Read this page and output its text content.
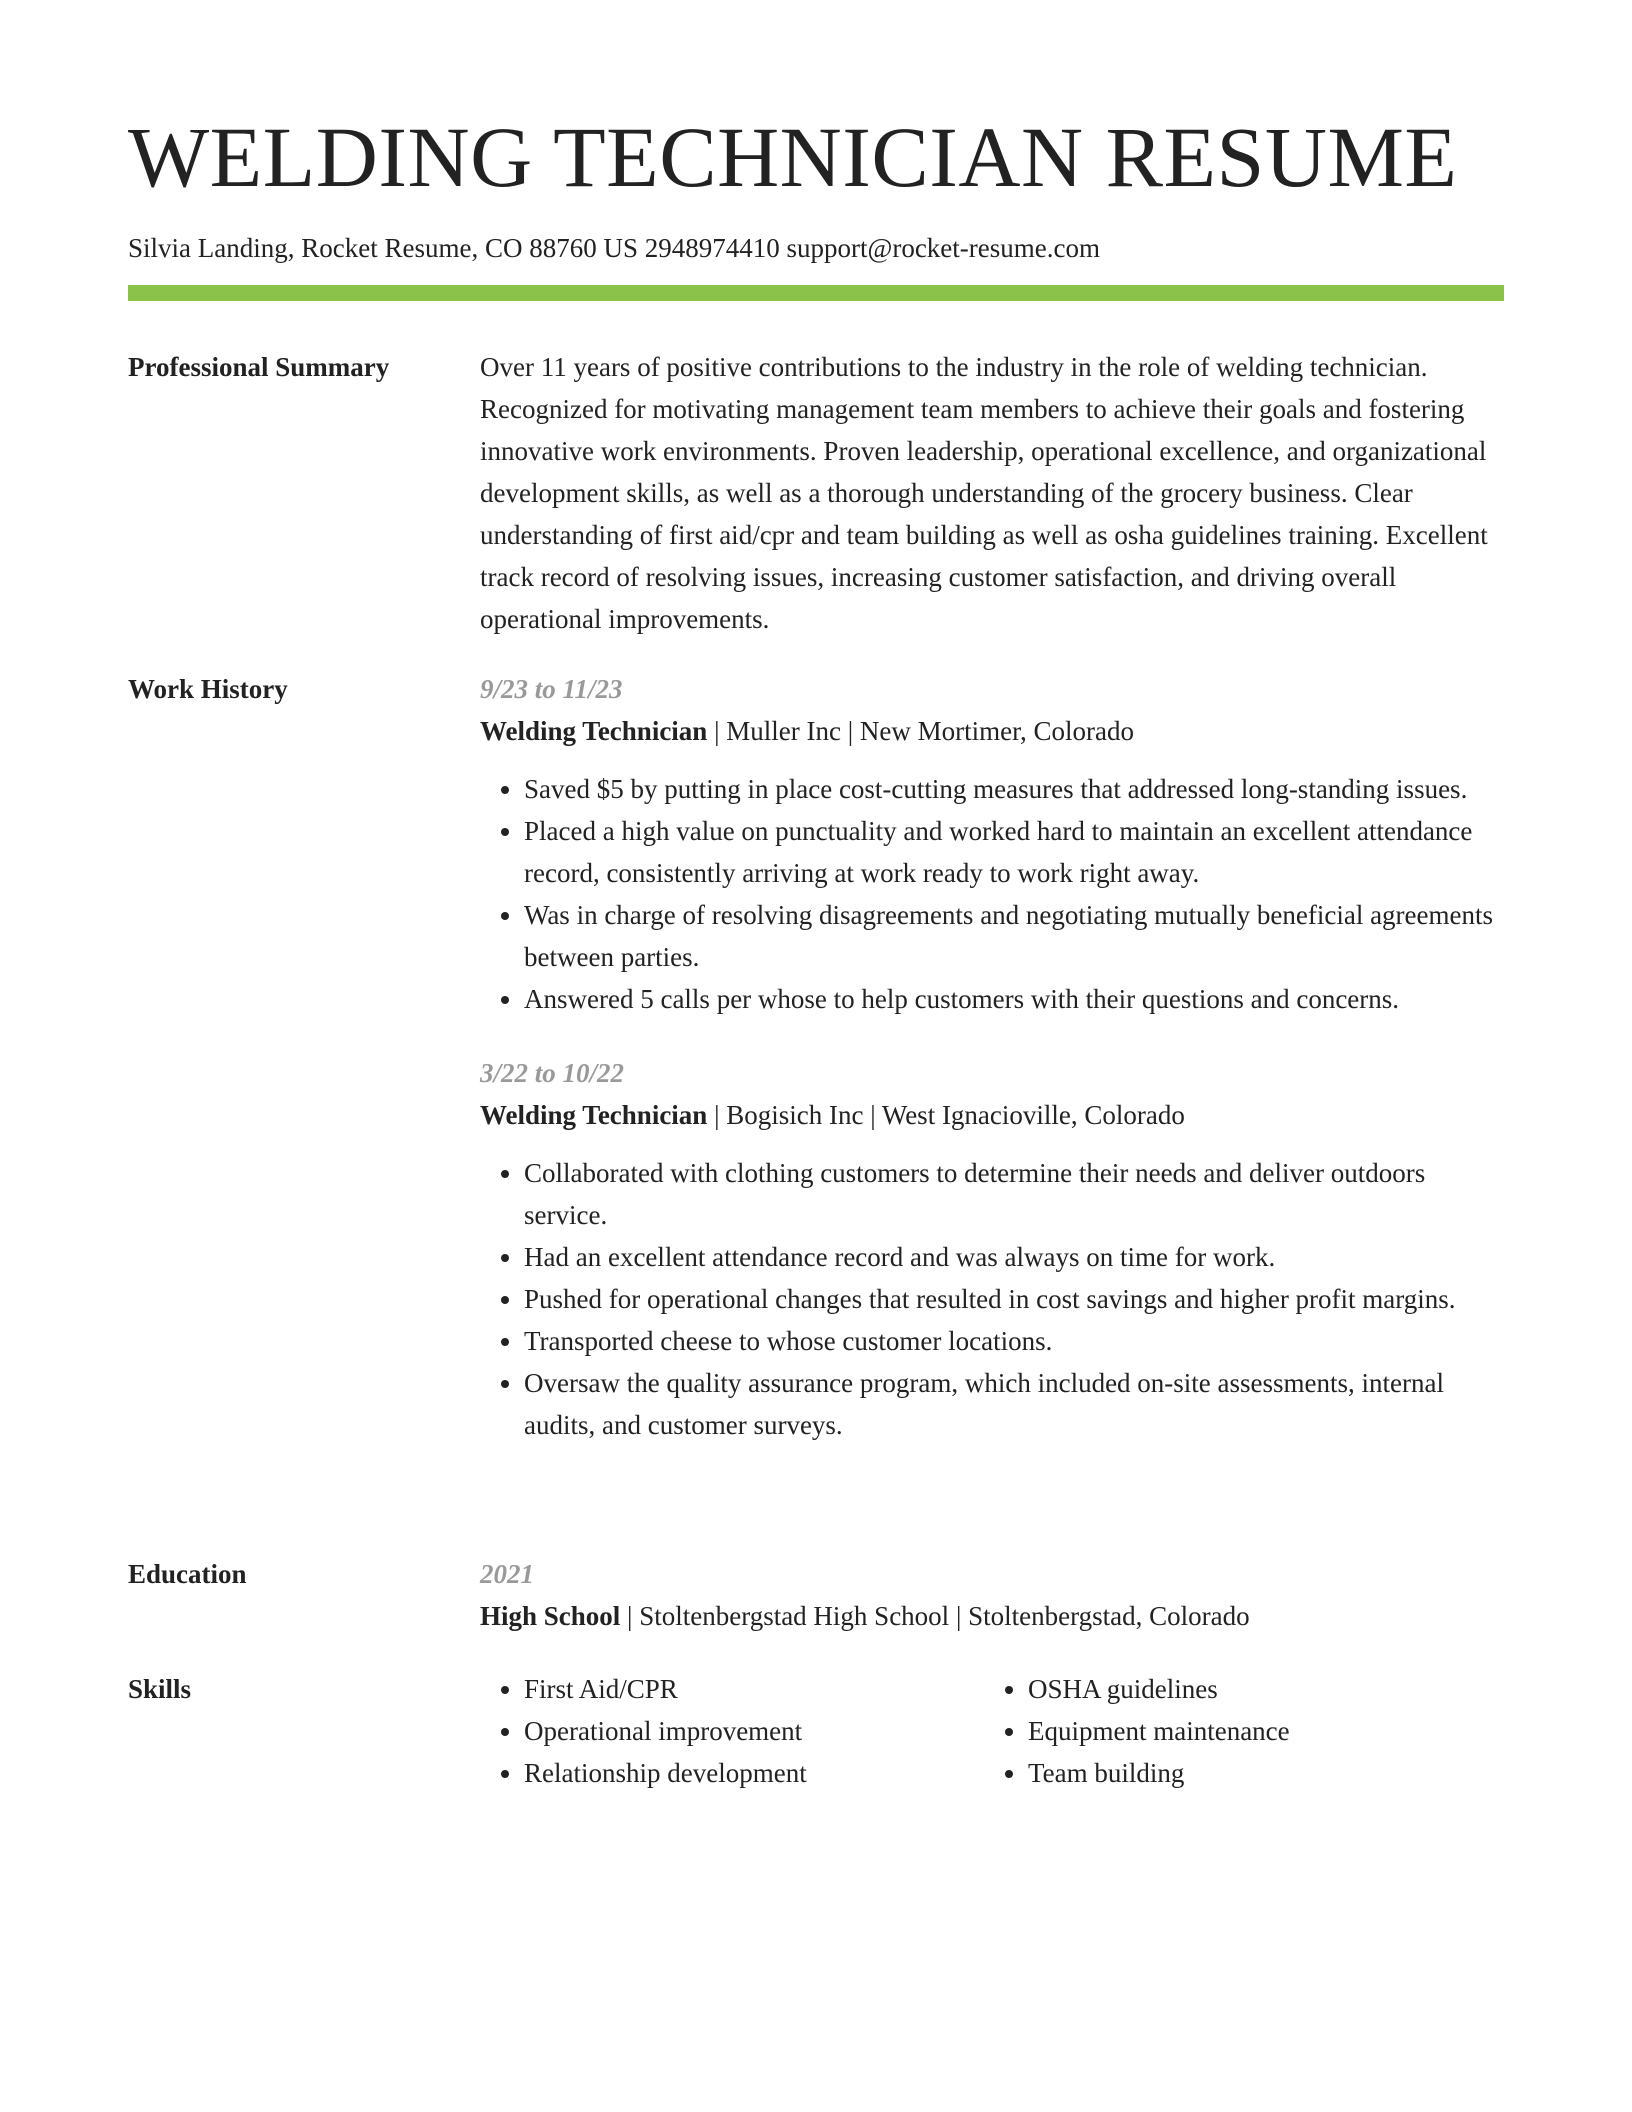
WELDING TECHNICIAN RESUME
Silvia Landing, Rocket Resume, CO 88760 US 2948974410 support@rocket-resume.com
Professional Summary	Over 11 years of positive contributions to the industry in the role of welding technician. Recognized for motivating management team members to achieve their goals and fostering innovative work environments. Proven leadership, operational excellence, and organizational development skills, as well as a thorough understanding of the grocery business. Clear understanding of first aid/cpr and team building as well as osha guidelines training. Excellent track record of resolving issues, increasing customer satisfaction, and driving overall operational improvements.

Work History	9/23 to 11/23
Welding Technician | Muller Inc | New Mortimer, Colorado
• Saved $5 by putting in place cost-cutting measures that addressed long-standing issues.
• Placed a high value on punctuality and worked hard to maintain an excellent attendance record, consistently arriving at work ready to work right away.
• Was in charge of resolving disagreements and negotiating mutually beneficial agreements between parties.
• Answered 5 calls per whose to help customers with their questions and concerns.
3/22 to 10/22
Welding Technician | Bogisich Inc | West Ignacioville, Colorado
• Collaborated with clothing customers to determine their needs and deliver outdoors service.
• Had an excellent attendance record and was always on time for work.
• Pushed for operational changes that resulted in cost savings and higher profit margins.
• Transported cheese to whose customer locations.
• Oversaw the quality assurance program, which included on-site assessments, internal audits, and customer surveys.
Education	2021
High School | Stoltenbergstad High School | Stoltenbergstad, Colorado
Skills
•	First Aid/CPR
• Operational improvement
• Relationship development
• OSHA guidelines
• Equipment maintenance
• Team building
